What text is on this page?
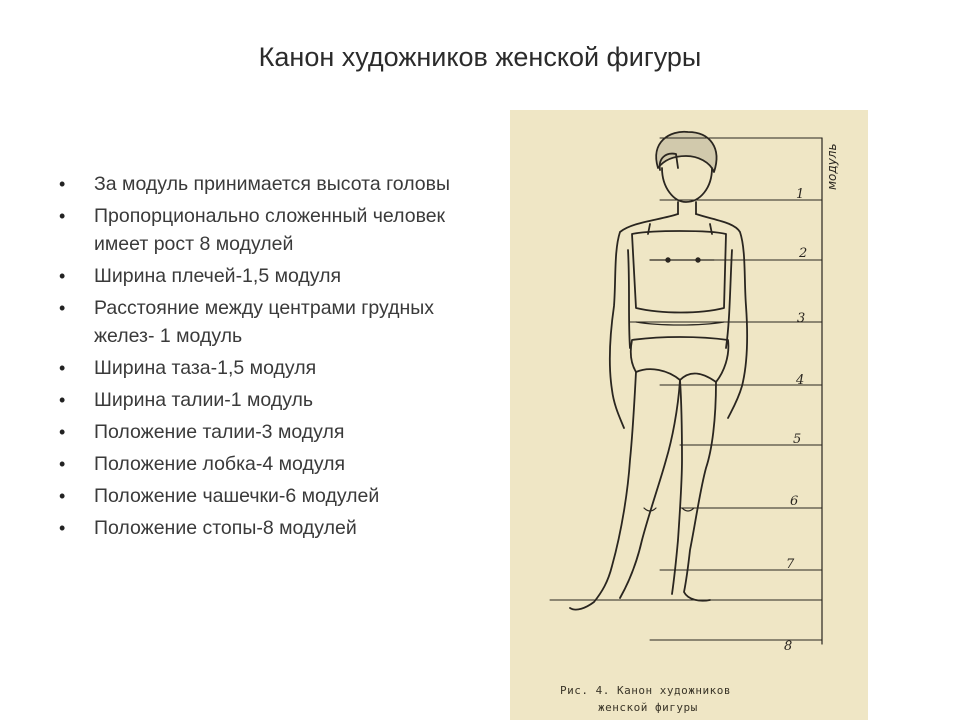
Канон художников женской фигуры
• За модуль принимается высота головы
• Пропорционально сложенный человек имеет рост 8 модулей
• Ширина плечей-1,5 модуля
• Расстояние между центрами грудных желез- 1 модуль
• Ширина таза-1,5 модуля
• Ширина талии-1 модуль
• Положение талии-3 модуля
• Положение лобка-4 модуля
• Положение чашечки-6 модулей
• Положение стопы-8 модулей
модуль
1
2
3
4
5
6
7
8
Рис. 4. Канон художников
женской фигуры
